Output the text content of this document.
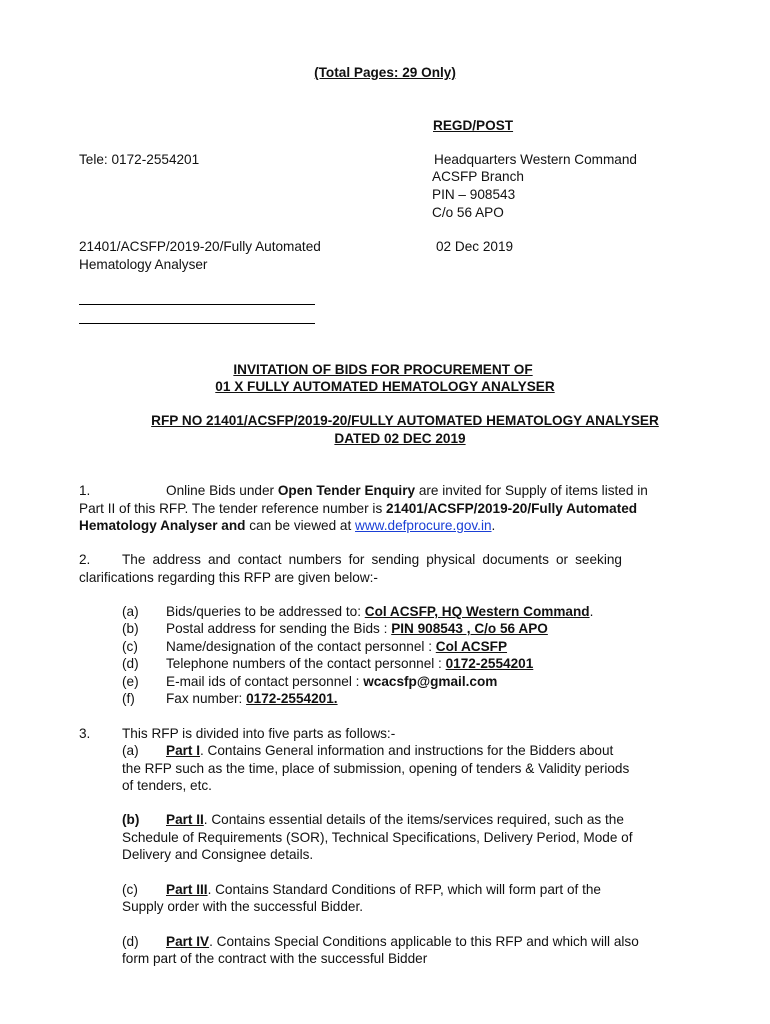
(Total Pages: 29 Only)
REGD/POST
Tele: 0172-2554201	Headquarters Western Command
ACSFP Branch
PIN – 908543
C/o 56 APO
21401/ACSFP/2019-20/Fully Automated
Hematology Analyser
02 Dec 2019
INVITATION OF BIDS FOR PROCUREMENT OF
01 X FULLY AUTOMATED HEMATOLOGY ANALYSER
RFP NO 21401/ACSFP/2019-20/FULLY AUTOMATED HEMATOLOGY ANALYSER
DATED 02 DEC 2019
1.	Online Bids under Open Tender Enquiry are invited for Supply of items listed in
Part II of this RFP. The tender reference number is 21401/ACSFP/2019-20/Fully Automated
Hematology Analyser and can be viewed at www.defprocure.gov.in.
2. The address and contact numbers for sending physical documents or seeking
clarifications regarding this RFP are given below:-
(a) Bids/queries to be addressed to: Col ACSFP, HQ Western Command.
(b) Postal address for sending the Bids : PIN 908543 , C/o 56 APO
(c) Name/designation of the contact personnel : Col ACSFP
(d) Telephone numbers of the contact personnel : 0172-2554201
(e) E-mail ids of contact personnel : wcacsfp@gmail.com
(f) Fax number: 0172-2554201.
3. This RFP is divided into five parts as follows:-
(a) Part I. Contains General information and instructions for the Bidders about
the RFP such as the time, place of submission, opening of tenders & Validity periods
of tenders, etc.
(b) Part II. Contains essential details of the items/services required, such as the
Schedule of Requirements (SOR), Technical Specifications, Delivery Period, Mode of
Delivery and Consignee details.
(c) Part III. Contains Standard Conditions of RFP, which will form part of the
Supply order with the successful Bidder.
(d) Part IV. Contains Special Conditions applicable to this RFP and which will also
form part of the contract with the successful Bidder
